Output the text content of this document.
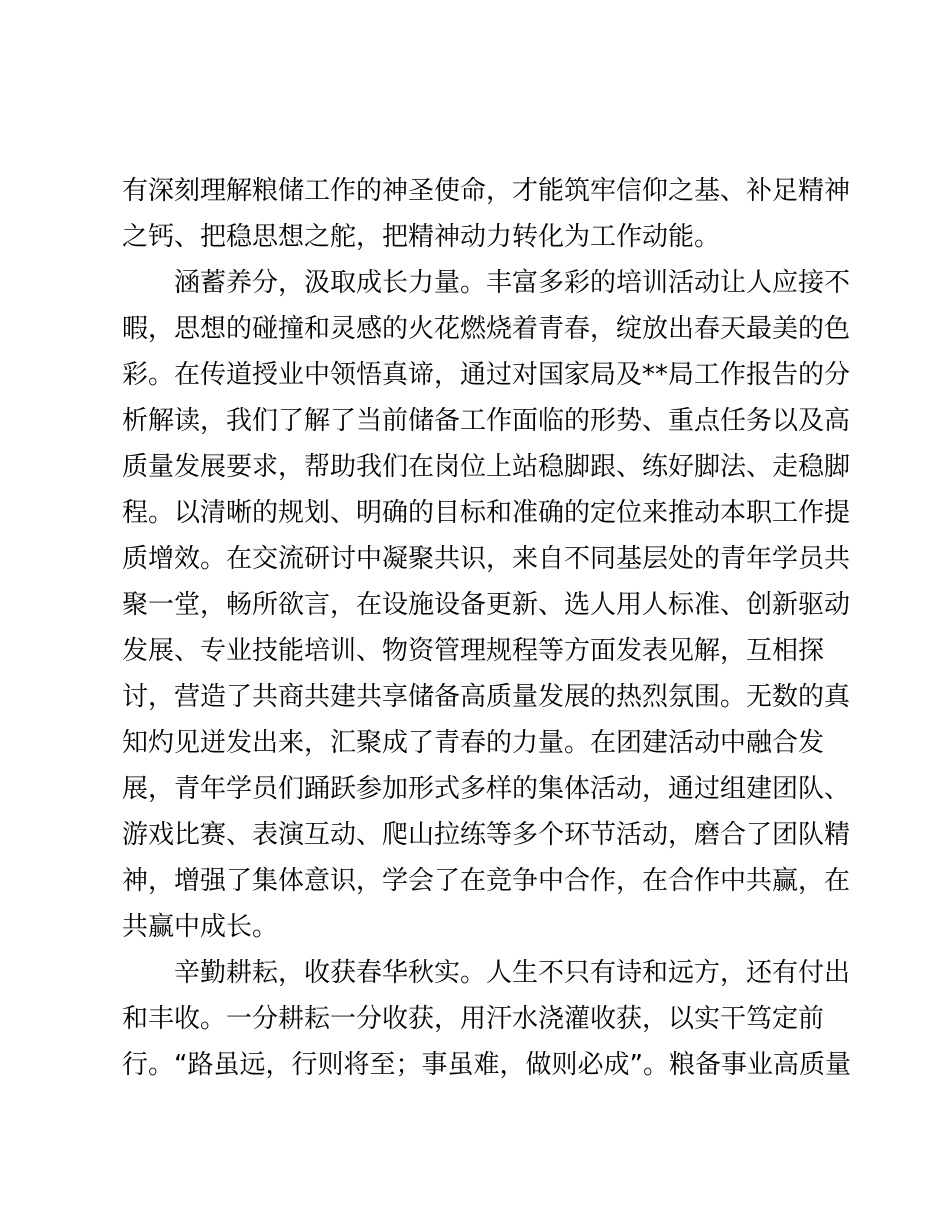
有深刻理解粮储工作的神圣使命，才能筑牢信仰之基、补足精神
之钙、把稳思想之舵，把精神动力转化为工作动能。
涵蓄养分，汲取成长力量。丰富多彩的培训活动让人应接不
暇，思想的碰撞和灵感的火花燃烧着青春，绽放出春天最美的色
彩。在传道授业中领悟真谛，通过对国家局及**局工作报告的分
析解读，我们了解了当前储备工作面临的形势、重点任务以及高
质量发展要求，帮助我们在岗位上站稳脚跟、练好脚法、走稳脚
程。以清晰的规划、明确的目标和准确的定位来推动本职工作提
质增效。在交流研讨中凝聚共识，来自不同基层处的青年学员共
聚一堂，畅所欲言，在设施设备更新、选人用人标准、创新驱动
发展、专业技能培训、物资管理规程等方面发表见解，互相探
讨，营造了共商共建共享储备高质量发展的热烈氛围。无数的真
知灼见迸发出来，汇聚成了青春的力量。在团建活动中融合发
展，青年学员们踊跃参加形式多样的集体活动，通过组建团队、
游戏比赛、表演互动、爬山拉练等多个环节活动，磨合了团队精
神，增强了集体意识，学会了在竞争中合作，在合作中共赢，在
共赢中成长。
辛勤耕耘，收获春华秋实。人生不只有诗和远方，还有付出
和丰收。一分耕耘一分收获，用汗水浇灌收获，以实干笃定前
行。“路虽远，行则将至；事虽难，做则必成”。粮备事业高质量
